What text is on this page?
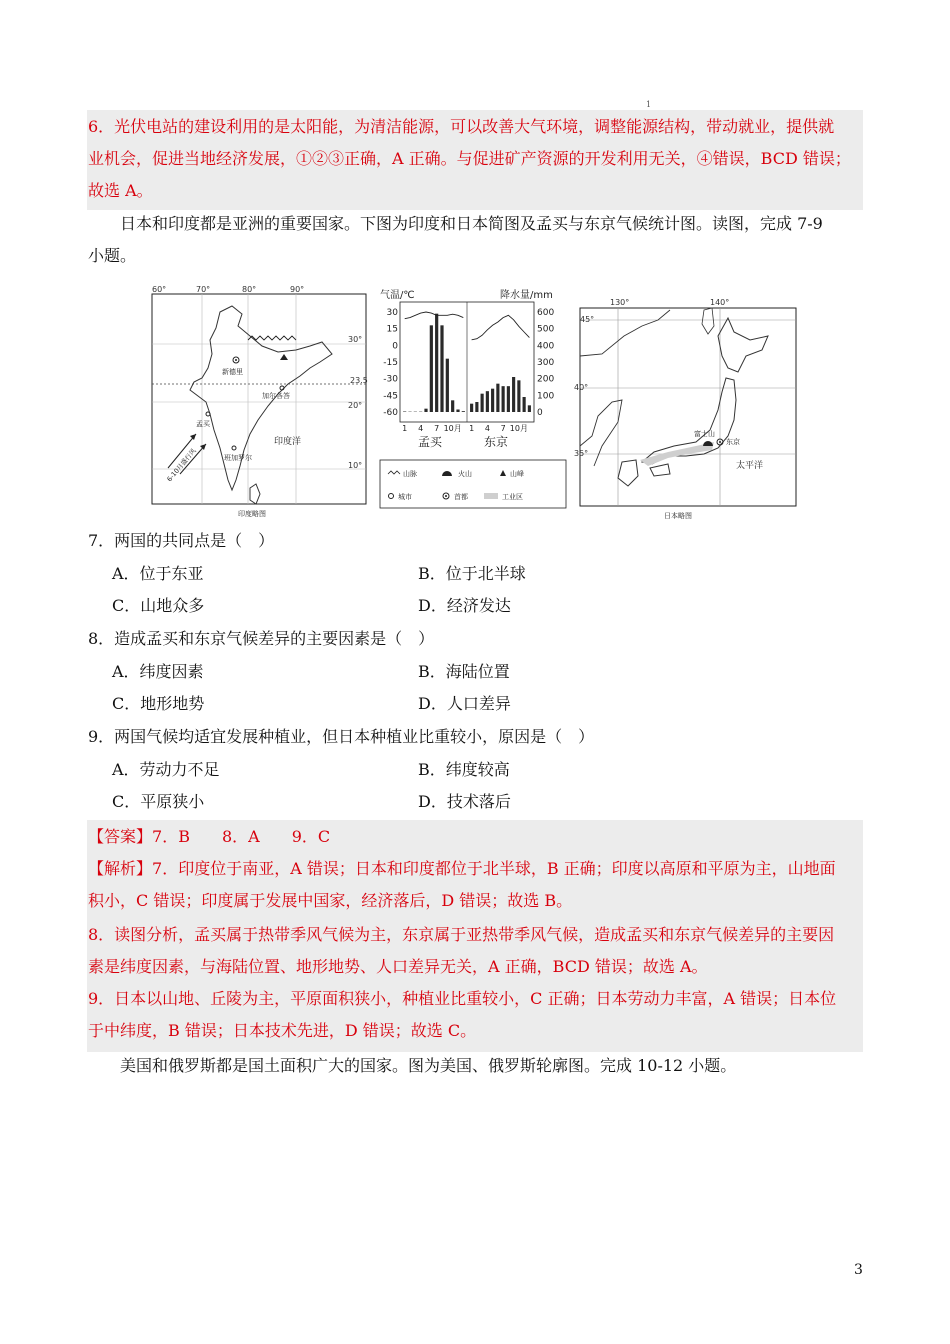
1
6．光伏电站的建设利用的是太阳能，为清洁能源，可以改善大气环境，调整能源结构，带动就业，提供就
业机会，促进当地经济发展，①②③正确，A 正确。与促进矿产资源的开发利用无关，④错误，BCD 错误；
故选 A。
日本和印度都是亚洲的重要国家。下图为印度和日本简图及孟买与东京气候统计图。读图，完成 7-9
小题。
60°	70°	80°	90°
30°
23.5
20°
10°
新德里
加尔各答
孟买
班加罗尔
印度洋
6-10月盛行风
印度略图
气温/℃	降水量/mm
30
15
0
-15
-30
-45
-60
600
500
400
300
200
100
0
1 4 7 10月 1 4 7 10月
孟买	东京
山脉	火山	山峰
城市	首都	工业区
130°	140°
45°
40°
35°
富士山
东京
太平洋
日本略图
7．两国的共同点是（　）
A．位于东亚	B．位于北半球
C．山地众多	D．经济发达
8．造成孟买和东京气候差异的主要因素是（　）
A．纬度因素	B．海陆位置
C．地形地势	D．人口差异
9．两国气候均适宜发展种植业，但日本种植业比重较小，原因是（　）
A．劳动力不足	B．纬度较高
C．平原狭小	D．技术落后
【答案】7．B　　8．A　　9．C
【解析】7．印度位于南亚，A 错误；日本和印度都位于北半球，B 正确；印度以高原和平原为主，山地面
积小，C 错误；印度属于发展中国家，经济落后，D 错误；故选 B。
8．读图分析，孟买属于热带季风气候为主，东京属于亚热带季风气候，造成孟买和东京气候差异的主要因
素是纬度因素，与海陆位置、地形地势、人口差异无关，A 正确，BCD 错误；故选 A。
9．日本以山地、丘陵为主，平原面积狭小，种植业比重较小，C 正确；日本劳动力丰富，A 错误；日本位
于中纬度，B 错误；日本技术先进，D 错误；故选 C。
美国和俄罗斯都是国土面积广大的国家。图为美国、俄罗斯轮廓图。完成 10-12 小题。
3
